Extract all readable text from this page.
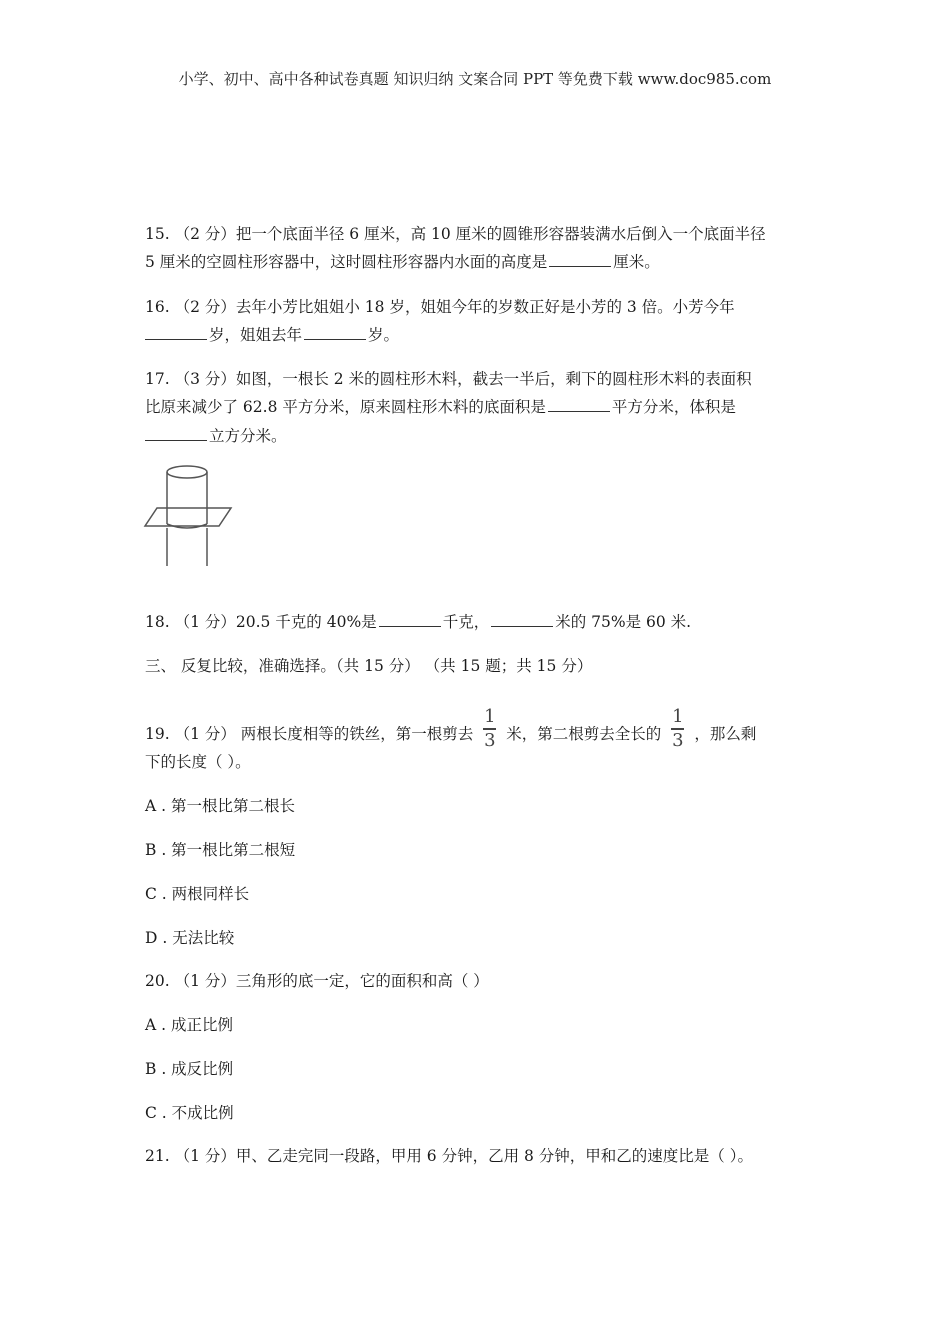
小学、初中、高中各种试卷真题 知识归纳 文案合同 PPT 等免费下载 www.doc985.com
15. （2 分）把一个底面半径 6 厘米，高 10 厘米的圆锥形容器装满水后倒入一个底面半径
5 厘米的空圆柱形容器中，这时圆柱形容器内水面的高度是	厘米。
16. （2 分）去年小芳比姐姐小 18 岁，姐姐今年的岁数正好是小芳的 3 倍。小芳今年
岁，姐姐去年	岁。
17. （3 分）如图，一根长 2 米的圆柱形木料，截去一半后，剩下的圆柱形木料的表面积
比原来减少了 62.8 平方分米，原来圆柱形木料的底面积是	平方分米，体积是
立方分米。
18. （1 分）20.5 千克的 40%是	千克，	米的 75%是 60 米.
三、 反复比较，准确选择。（共 15 分） （共 15 题；共 15 分）
19. （1 分） 两根长度相等的铁丝，第一根剪去 $\frac{1}{3}$ 米，第二根剪去全长的 $\frac{1}{3}$ ，那么剩
下的长度（ ）。
A . 第一根比第二根长
B . 第一根比第二根短
C . 两根同样长
D . 无法比较
20. （1 分）三角形的底一定，它的面积和高（ ）
A . 成正比例
B . 成反比例
C . 不成比例
21. （1 分）甲、乙走完同一段路，甲用 6 分钟，乙用 8 分钟，甲和乙的速度比是（ ）。
